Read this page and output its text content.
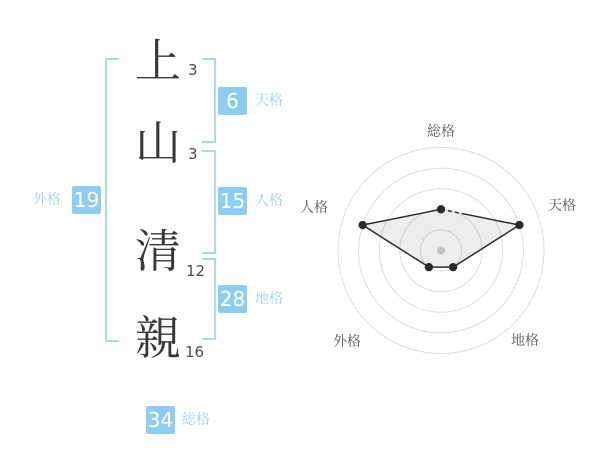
上
山
清
親
3
3
12
16
6	天格
15 人格
28 地格
外格 19
34 総格
総格
天格
地格
外格
人格
